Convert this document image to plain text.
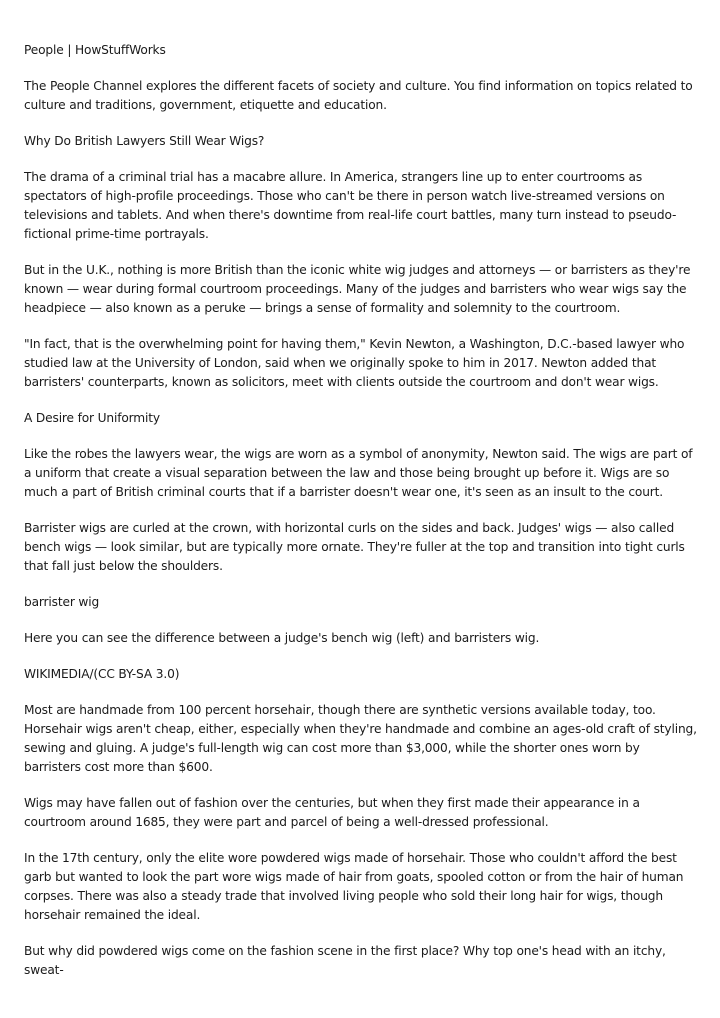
People | HowStuffWorks

The People Channel explores the different facets of society and culture. You find information on topics related to culture and traditions, government, etiquette and education.

Why Do British Lawyers Still Wear Wigs?

The drama of a criminal trial has a macabre allure. In America, strangers line up to enter courtrooms as spectators of high-profile proceedings. Those who can't be there in person watch live-streamed versions on televisions and tablets. And when there's downtime from real-life court battles, many turn instead to pseudo-fictional prime-time portrayals.

But in the U.K., nothing is more British than the iconic white wig judges and attorneys — or barristers as they're known — wear during formal courtroom proceedings. Many of the judges and barristers who wear wigs say the headpiece — also known as a peruke — brings a sense of formality and solemnity to the courtroom.

"In fact, that is the overwhelming point for having them," Kevin Newton, a Washington, D.C.-based lawyer who studied law at the University of London, said when we originally spoke to him in 2017. Newton added that barristers' counterparts, known as solicitors, meet with clients outside the courtroom and don't wear wigs.

A Desire for Uniformity

Like the robes the lawyers wear, the wigs are worn as a symbol of anonymity, Newton said. The wigs are part of a uniform that create a visual separation between the law and those being brought up before it. Wigs are so much a part of British criminal courts that if a barrister doesn't wear one, it's seen as an insult to the court.

Barrister wigs are curled at the crown, with horizontal curls on the sides and back. Judges' wigs — also called bench wigs — look similar, but are typically more ornate. They're fuller at the top and transition into tight curls that fall just below the shoulders.

barrister wig

Here you can see the difference between a judge's bench wig (left) and barristers wig.

WIKIMEDIA/(CC BY-SA 3.0)

Most are handmade from 100 percent horsehair, though there are synthetic versions available today, too. Horsehair wigs aren't cheap, either, especially when they're handmade and combine an ages-old craft of styling, sewing and gluing. A judge's full-length wig can cost more than $3,000, while the shorter ones worn by barristers cost more than $600.

Wigs may have fallen out of fashion over the centuries, but when they first made their appearance in a courtroom around 1685, they were part and parcel of being a well-dressed professional.

In the 17th century, only the elite wore powdered wigs made of horsehair. Those who couldn't afford the best garb but wanted to look the part wore wigs made of hair from goats, spooled cotton or from the hair of human corpses. There was also a steady trade that involved living people who sold their long hair for wigs, though horsehair remained the ideal.

But why did powdered wigs come on the fashion scene in the first place? Why top one's head with an itchy, sweat-
